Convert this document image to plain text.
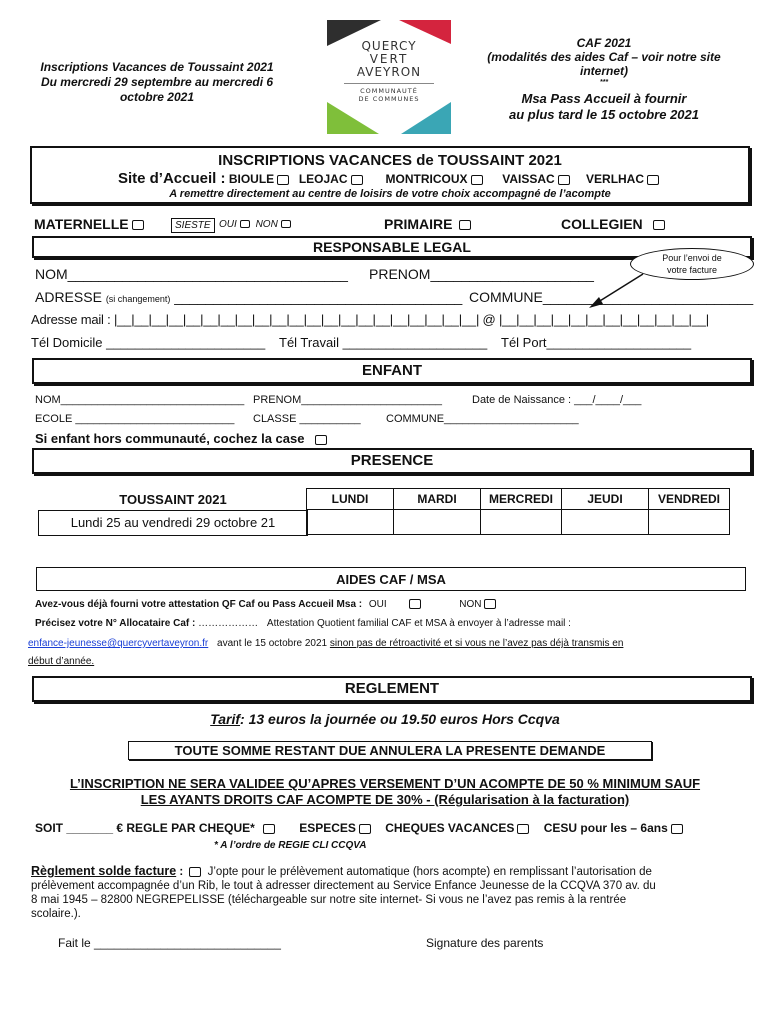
Inscriptions Vacances de Toussaint 2021
Du mercredi 29 septembre au mercredi 6
octobre 2021
QUERCY
VERT
AVEYRON
COMMUNAUTÉ
DE COMMUNES
CAF 2021
(modalités des aides Caf – voir notre site
internet)
***
Msa Pass Accueil à fournir
au plus tard le 15 octobre 2021
INSCRIPTIONS VACANCES de TOUSSAINT 2021
Site d’Accueil : BIOULE LEOJAC	MONTRICOUX	VAISSAC	VERLHAC
A remettre directement au centre de loisirs de votre choix accompagné de l’acompte
MATERNELLE	SIESTE OUI NON	PRIMAIRE	COLLEGIEN
RESPONSABLE LEGAL
Pour l’envoi de votre facture
NOM____________________________________ PRENOM_____________________
ADRESSE (si changement) _____________________________________ COMMUNE___________________________
Adresse mail : |__|__|__|__|__|__|__|__|__|__|__|__|__|__|__|__|__|__|__|__|__| @ |__|__|__|__|__|__|__|__|__|__|__|__|
Tél Domicile ______________________ Tél Travail ____________________ Tél Port____________________
ENFANT
NOM______________________________ PRENOM_______________________	Date de Naissance : ___/____/___
ECOLE __________________________ CLASSE __________ COMMUNE______________________
Si enfant hors communauté, cochez la case
PRESENCE
TOUSSAINT 2021
Lundi 25 au vendredi 29 octobre 21
LUNDI	MARDI	MERCREDI	JEUDI	VENDREDI

AIDES CAF / MSA
Avez-vous déjà fourni votre attestation QF Caf ou Pass Accueil Msa : OUI	NON
Précisez votre N° Allocataire Caf : ……………… Attestation Quotient familial CAF et MSA à envoyer à l’adresse mail :
enfance-jeunesse@quercyvertaveyron.fr avant le 15 octobre 2021 sinon pas de rétroactivité et si vous ne l’avez pas déjà transmis en
début d’année.
REGLEMENT
Tarif: 13 euros la journée ou 19.50 euros Hors Ccqva
TOUTE SOMME RESTANT DUE ANNULERA LA PRESENTE DEMANDE
L’INSCRIPTION NE SERA VALIDEE QU’APRES VERSEMENT D’UN ACOMPTE DE 50 % MINIMUM SAUF
LES AYANTS DROITS CAF ACOMPTE DE 30% - (Régularisation à la facturation)
SOIT _______ € REGLE PAR CHEQUE*	ESPECES CHEQUES VACANCES CESU pour les – 6ans
* A l’ordre de REGIE CLI CCQVA
Règlement solde facture :  J’opte pour le prélèvement automatique (hors acompte) en remplissant l’autorisation de
prélèvement accompagnée d’un Rib, le tout à adresser directement au Service Enfance Jeunesse de la CCQVA 370 av. du
8 mai 1945 – 82800 NEGREPELISSE (téléchargeable sur notre site internet- Si vous ne l’avez pas remis à la rentrée
scolaire.).
Fait le ____________________________	Signature des parents
